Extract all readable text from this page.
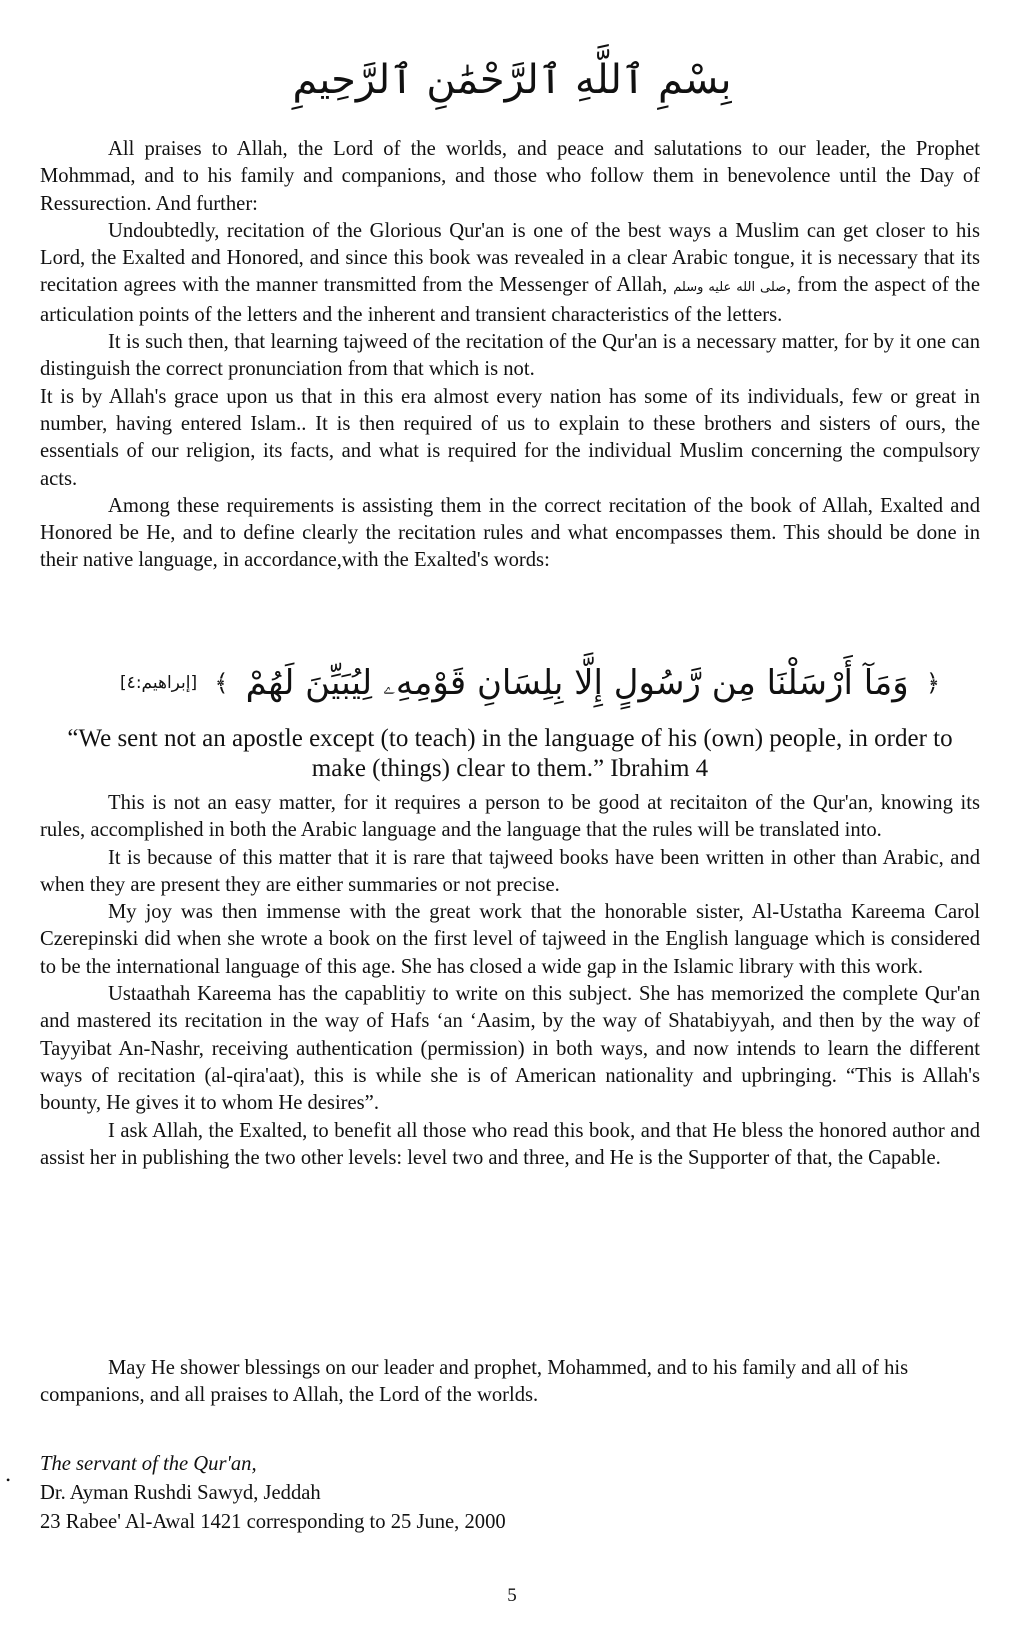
بِسْمِ ٱللَّهِ ٱلرَّحْمَٰنِ ٱلرَّحِيمِ

All praises to Allah, the Lord of the worlds, and peace and salutations to our leader, the Prophet Mohmmad, and to his family and companions, and those who follow them in benevolence until the Day of Ressurection. And further:

Undoubtedly, recitation of the Glorious Qur'an is one of the best ways a Muslim can get closer to his Lord, the Exalted and Honored, and since this book was revealed in a clear Arabic tongue, it is necessary that its recitation agrees with the manner transmitted from the Messenger of Allah, صلى الله عليه وسلم, from the aspect of the articulation points of the letters and the inherent and transient characteristics of the letters.

It is such then, that learning tajweed of the recitation of the Qur'an is a necessary matter, for by it one can distinguish the correct pronunciation from that which is not.

It is by Allah's grace upon us that in this era almost every nation has some of its individuals, few or great in number, having entered Islam.. It is then required of us to explain to these brothers and sisters of ours, the essentials of our religion, its facts, and what is required for the individual Muslim concerning the compulsory acts.

Among these requirements is assisting them in the correct recitation of the book of Allah, Exalted and Honored be He, and to define clearly the recitation rules and what encompasses them. This should be done in their native language, in accordance,with the Exalted's words:

﴿
وَمَآ أَرْسَلْنَا مِن رَّسُولٍ إِلَّا بِلِسَانِ قَوْمِهِۦ لِيُبَيِّنَ لَهُمْ
﴾
[إبراهيم:٤]
“We sent not an apostle except (to teach) in the language of his (own) people, in order to make (things) clear to them.” Ibrahim 4

This is not an easy matter, for it requires a person to be good at recitaiton of the Qur'an, knowing its rules, accomplished in both the Arabic language and the language that the rules will be translated into.

It is because of this matter that it is rare that tajweed books have been written in other than Arabic, and when they are present they are either summaries or not precise.

My joy was then immense with the great work that the honorable sister, Al-Ustatha Kareema Carol Czerepinski did when she wrote a book on the first level of tajweed in the English language which is considered to be the international language of this age. She has closed a wide gap in the Islamic library with this work.

Ustaathah Kareema has the capablitiy to write on this subject. She has memorized the complete Qur'an and mastered its recitation in the way of Hafs ‘an ‘Aasim, by the way of Shatabiyyah, and then by the way of Tayyibat An-Nashr, receiving authentication (permission) in both ways, and now intends to learn the different ways of recitation (al-qira'aat), this is while she is of American nationality and upbringing. “This is Allah's bounty, He gives it to whom He desires”.

I ask Allah, the Exalted, to benefit all those who read this book, and that He bless the honored author and assist her in publishing the two other levels: level two and three, and He is the Supporter of that, the Capable.

May He shower blessings on our leader and prophet, Mohammed, and to his family and all of his companions, and all praises to Allah, the Lord of the worlds.

•
The servant of the Qur'an,
Dr. Ayman Rushdi Sawyd, Jeddah
23 Rabee' Al-Awal 1421 corresponding to 25 June, 2000
5
